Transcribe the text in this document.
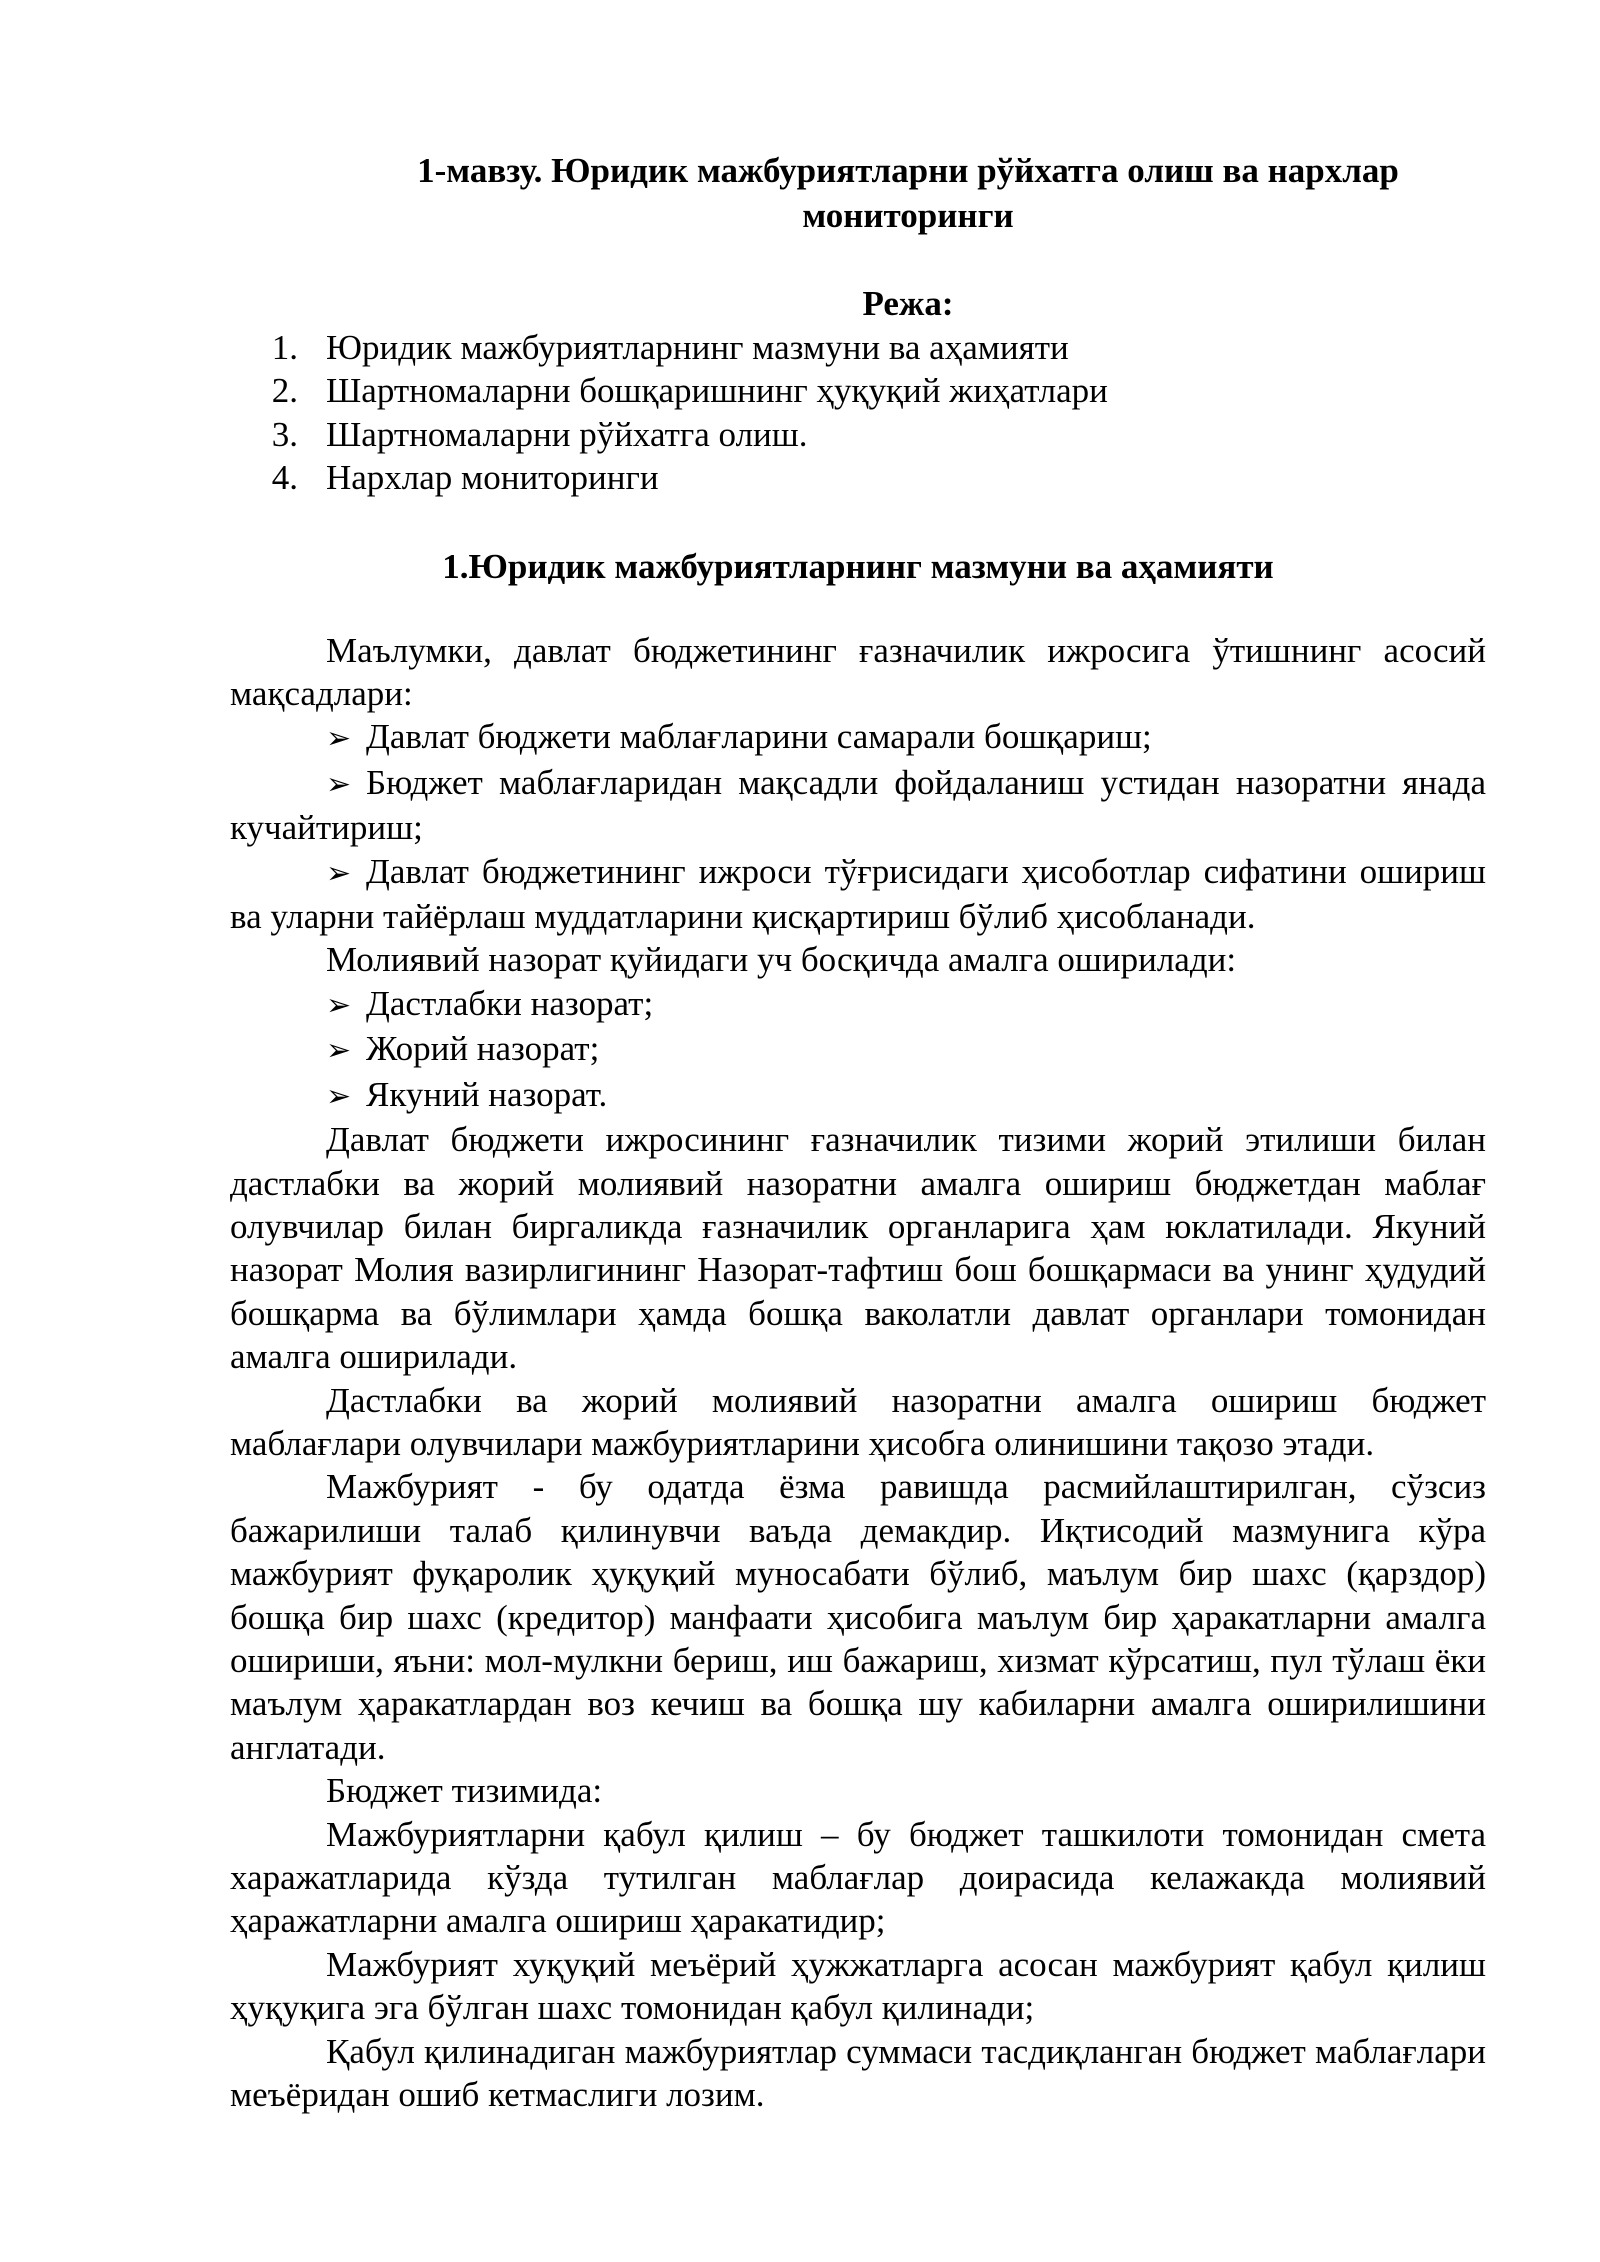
1-мавзу. Юридик мажбуриятларни рўйхатга олиш ва нархлар мониторинги
Режа:
1. Юридик мажбуриятларнинг мазмуни ва аҳамияти
2. Шартномаларни бошқаришнинг ҳуқуқий жиҳатлари
3. Шартномаларни рўйхатга олиш.
4. Нархлар мониторинги
1.Юридик мажбуриятларнинг мазмуни ва аҳамияти

Маълумки, давлат бюджетининг ғазначилик ижросига ўтишнинг асосий мақсадлари:

➢ Давлат бюджети маблағларини самарали бошқариш;

➢ Бюджет маблағларидан мақсадли фойдаланиш устидан назоратни янада кучайтириш;

➢ Давлат бюджетининг ижроси тўғрисидаги ҳисоботлар сифатини ошириш ва уларни тайёрлаш муддатларини қисқартириш бўлиб ҳисобланади.

Молиявий назорат қуйидаги уч босқичда амалга оширилади:

➢ Дастлабки назорат;

➢ Жорий назорат;

➢ Якуний назорат.

Давлат бюджети ижросининг ғазначилик тизими жорий этилиши билан дастлабки ва жорий молиявий назоратни амалга ошириш бюджетдан маблағ олувчилар билан биргаликда ғазначилик органларига ҳам юклатилади. Якуний назорат Молия вазирлигининг Назорат-тафтиш бош бошқармаси ва унинг ҳудудий бошқарма ва бўлимлари ҳамда бошқа ваколатли давлат органлари томонидан амалга оширилади.

Дастлабки ва жорий молиявий назоратни амалга ошириш бюджет маблағлари олувчилари мажбуриятларини ҳисобга олинишини тақозо этади.

Мажбурият - бу одатда ёзма равишда расмийлаштирилган, сўзсиз бажарилиши талаб қилинувчи ваъда демакдир. Иқтисодий мазмунига кўра мажбурият фуқаролик ҳуқуқий муносабати бўлиб, маълум бир шахс (қарздор) бошқа бир шахс (кредитор) манфаати ҳисобига маълум бир ҳаракатларни амалга ошириши, яъни: мол-мулкни бериш, иш бажариш, хизмат кўрсатиш, пул тўлаш ёки маълум ҳаракатлардан воз кечиш ва бошқа шу кабиларни амалга оширилишини англатади.

Бюджет тизимида:

Мажбуриятларни қабул қилиш – бу бюджет ташкилоти томонидан смета харажатларида кўзда тутилган маблағлар доирасида келажакда молиявий ҳаражатларни амалга ошириш ҳаракатидир;

Мажбурият хуқуқий меъёрий ҳужжатларга асосан мажбурият қабул қилиш ҳуқуқига эга бўлган шахс томонидан қабул қилинади;

Қабул қилинадиган мажбуриятлар суммаси тасдиқланган бюджет маблағлари меъёридан ошиб кетмаслиги лозим.
